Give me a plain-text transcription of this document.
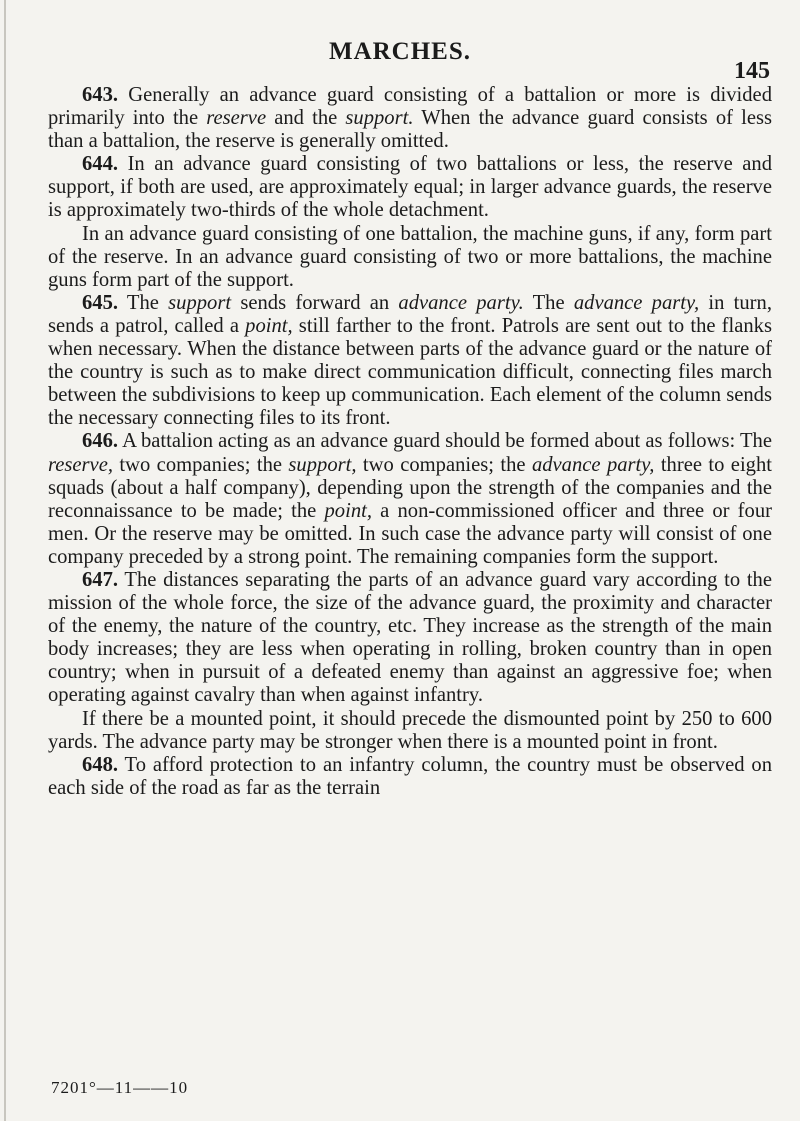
MARCHES.
145

643. Generally an advance guard consisting of a battalion or more is divided primarily into the reserve and the support. When the advance guard consists of less than a battalion, the reserve is generally omitted.

644. In an advance guard consisting of two battalions or less, the reserve and support, if both are used, are approximately equal; in larger advance guards, the reserve is approximately two-thirds of the whole detachment.

In an advance guard consisting of one battalion, the machine guns, if any, form part of the reserve. In an advance guard consisting of two or more battalions, the machine guns form part of the support.

645. The support sends forward an advance party. The advance party, in turn, sends a patrol, called a point, still farther to the front. Patrols are sent out to the flanks when necessary. When the distance between parts of the advance guard or the nature of the country is such as to make direct communication difficult, connecting files march between the subdivisions to keep up communication. Each element of the column sends the necessary connecting files to its front.

646. A battalion acting as an advance guard should be formed about as follows: The reserve, two companies; the support, two companies; the advance party, three to eight squads (about a half company), depending upon the strength of the companies and the reconnaissance to be made; the point, a non-commissioned officer and three or four men. Or the reserve may be omitted. In such case the advance party will consist of one company preceded by a strong point. The remaining companies form the support.

647. The distances separating the parts of an advance guard vary according to the mission of the whole force, the size of the advance guard, the proximity and character of the enemy, the nature of the country, etc. They increase as the strength of the main body increases; they are less when operating in rolling, broken country than in open country; when in pursuit of a defeated enemy than against an aggressive foe; when operating against cavalry than when against infantry.

If there be a mounted point, it should precede the dismounted point by 250 to 600 yards. The advance party may be stronger when there is a mounted point in front.

648. To afford protection to an infantry column, the country must be observed on each side of the road as far as the terrain

7201°—11——10
